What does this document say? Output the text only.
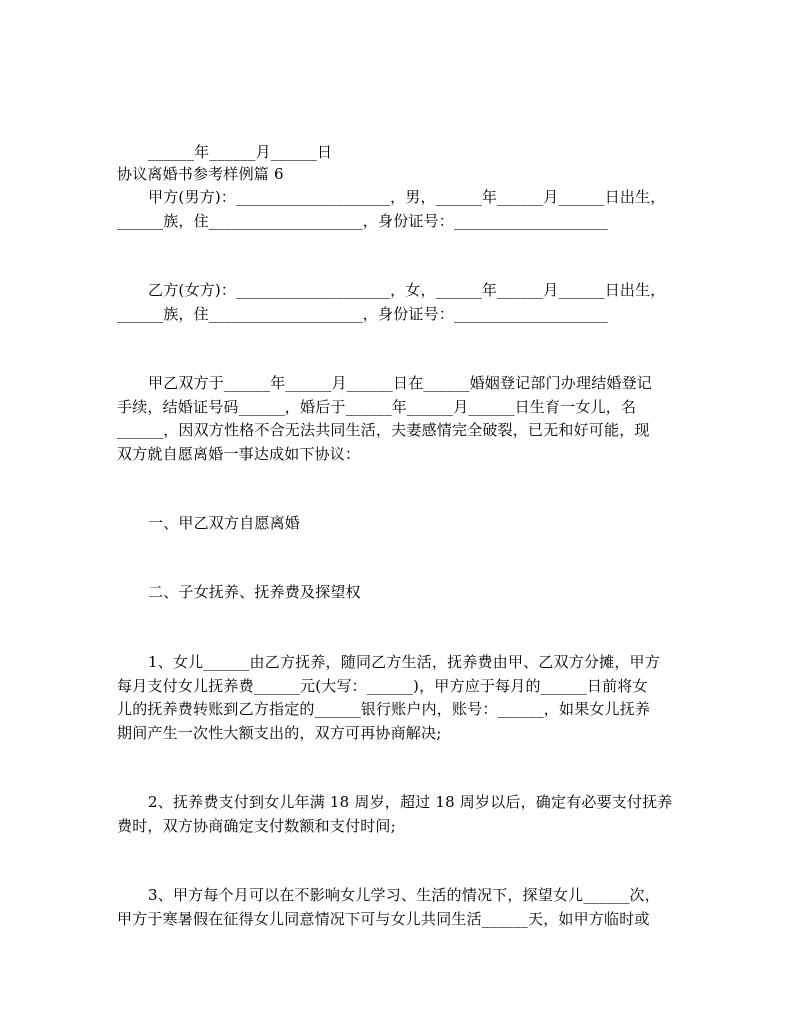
______年______月______日
协议离婚书参考样例篇 6
甲方(男方)：____________________，男，______年______月______日出生，
______族，住____________________，身份证号：____________________
乙方(女方)：____________________，女，______年______月______日出生，
______族，住____________________，身份证号：____________________
甲乙双方于______年______月______日在______婚姻登记部门办理结婚登记
手续，结婚证号码______，婚后于______年______月______日生育一女儿，名
______，因双方性格不合无法共同生活，夫妻感情完全破裂，已无和好可能，现
双方就自愿离婚一事达成如下协议：
一、甲乙双方自愿离婚
二、子女抚养、抚养费及探望权
1、女儿______由乙方抚养，随同乙方生活，抚养费由甲、乙双方分摊，甲方
每月支付女儿抚养费______元(大写：______)，甲方应于每月的______日前将女
儿的抚养费转账到乙方指定的______银行账户内，账号：______，如果女儿抚养
期间产生一次性大额支出的，双方可再协商解决;
2、抚养费支付到女儿年满 18 周岁，超过 18 周岁以后，确定有必要支付抚养
费时，双方协商确定支付数额和支付时间;
3、甲方每个月可以在不影响女儿学习、生活的情况下，探望女儿______次，
甲方于寒暑假在征得女儿同意情况下可与女儿共同生活______天，如甲方临时或
